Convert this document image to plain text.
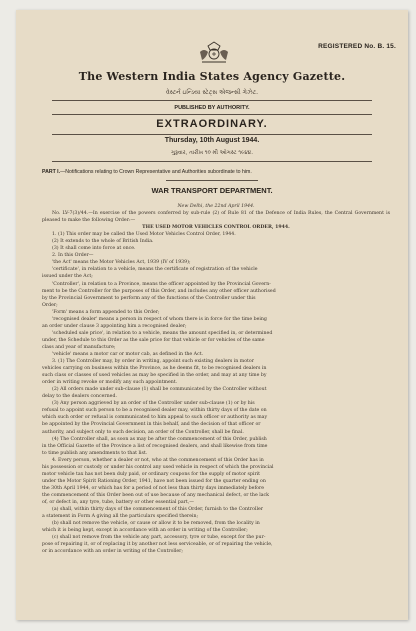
REGISTERED No. B. 15.
The Western India States Agency Gazette.
વેસ્ટર્ન ઇન્ડિયા સ્ટેટ્સ એજન્સી ગેઝેટ.
PUBLISHED BY AUTHORITY.
EXTRAORDINARY.
Thursday, 10th August 1944.
ગુરૂવાર, તારીખ ૧૦ મી ઓગસ્ટ ૧૯૪૪.
PART I.—Notifications relating to Crown Representative and Authorities subordinate to him.
WAR TRANSPORT DEPARTMENT.

New Delhi, the 22nd April 1944.

No. LV-7(3)/44.—In exercise of the powers conferred by sub-rule (2) of Rule 81 of the Defence of India Rules, the Central Government is pleased to make the following Order:—

THE USED MOTOR VEHICLES CONTROL ORDER, 1944.

1. (1) This order may be called the Used Motor Vehicles Control Order, 1944.
(2) It extends to the whole of British India.
(3) It shall come into force at once.
2. In this Order—
'the Act' means the Motor Vehicles Act, 1939 (IV of 1939);
'certificate', in relation to a vehicle, means the certificate of registration of the vehicle
issued under the Act;
'Controller', in relation to a Province, means the officer appointed by the Provincial Govern-
ment to be the Controller for the purposes of this Order, and includes any other officer authorised
by the Provincial Government to perform any of the functions of the Controller under this
Order;
'Form' means a form appended to this Order;
'recognised dealer' means a person in respect of whom there is in force for the time being
an order under clause 3 appointing him a recognised dealer;
'scheduled sale price', in relation to a vehicle, means the amount specified in, or determined
under, the Schedule to this Order as the sale price for that vehicle or for vehicles of the same
class and year of manufacture;
'vehicle' means a motor car or motor cab, as defined in the Act.
3. (1) The Controller may, by order in writing, appoint such existing dealers in motor
vehicles carrying on business within the Province, as he deems fit, to be recognised dealers in
such class or classes of used vehicles as may be specified in the order, and may at any time by
order in writing revoke or modify any such appointment.
(2) All orders made under sub-clause (1) shall be communicated by the Controller without
delay to the dealers concerned.
(3) Any person aggrieved by an order of the Controller under sub-clause (1) or by his
refusal to appoint such person to be a recognised dealer may, within thirty days of the date on
which such order or refusal is communicated to him appeal to such officer or authority as may
be appointed by the Provincial Government in this behalf, and the decision of that officer or
authority, and subject only to such decision, an order of the Controller, shall be final.
(4) The Controller shall, as soon as may be after the commencement of this Order, publish
in the Official Gazette of the Province a list of recognised dealers, and shall likewise from time
to time publish any amendments to that list.
4. Every person, whether a dealer or not, who at the commencement of this Order has in
his possession or custody or under his control any used vehicle in respect of which the provincial
motor vehicle tax has not been duly paid, or ordinary coupons for the supply of motor spirit
under the Motor Spirit Rationing Order, 1941, have not been issued for the quarter ending on
the 30th April 1944, or which has for a period of not less than thirty days immediately before
the commencement of this Order been out of use because of any mechanical defect, or the lack
of, or defect in, any tyre, tube, battery or other essential part,—
(a) shall, within thirty days of the commencement of this Order, furnish to the Controller
a statement in Form A giving all the particulars specified therein;
(b) shall not remove the vehicle, or cause or allow it to be removed, from the locality in
which it is being kept, except in accordance with an order in writing of the Controller;
(c) shall not remove from the vehicle any part, accessory, tyre or tube, except for the pur-
pose of repairing it, or of replacing it by another not less serviceable, or of repairing the vehicle,
or in accordance with an order in writing of the Controller;
